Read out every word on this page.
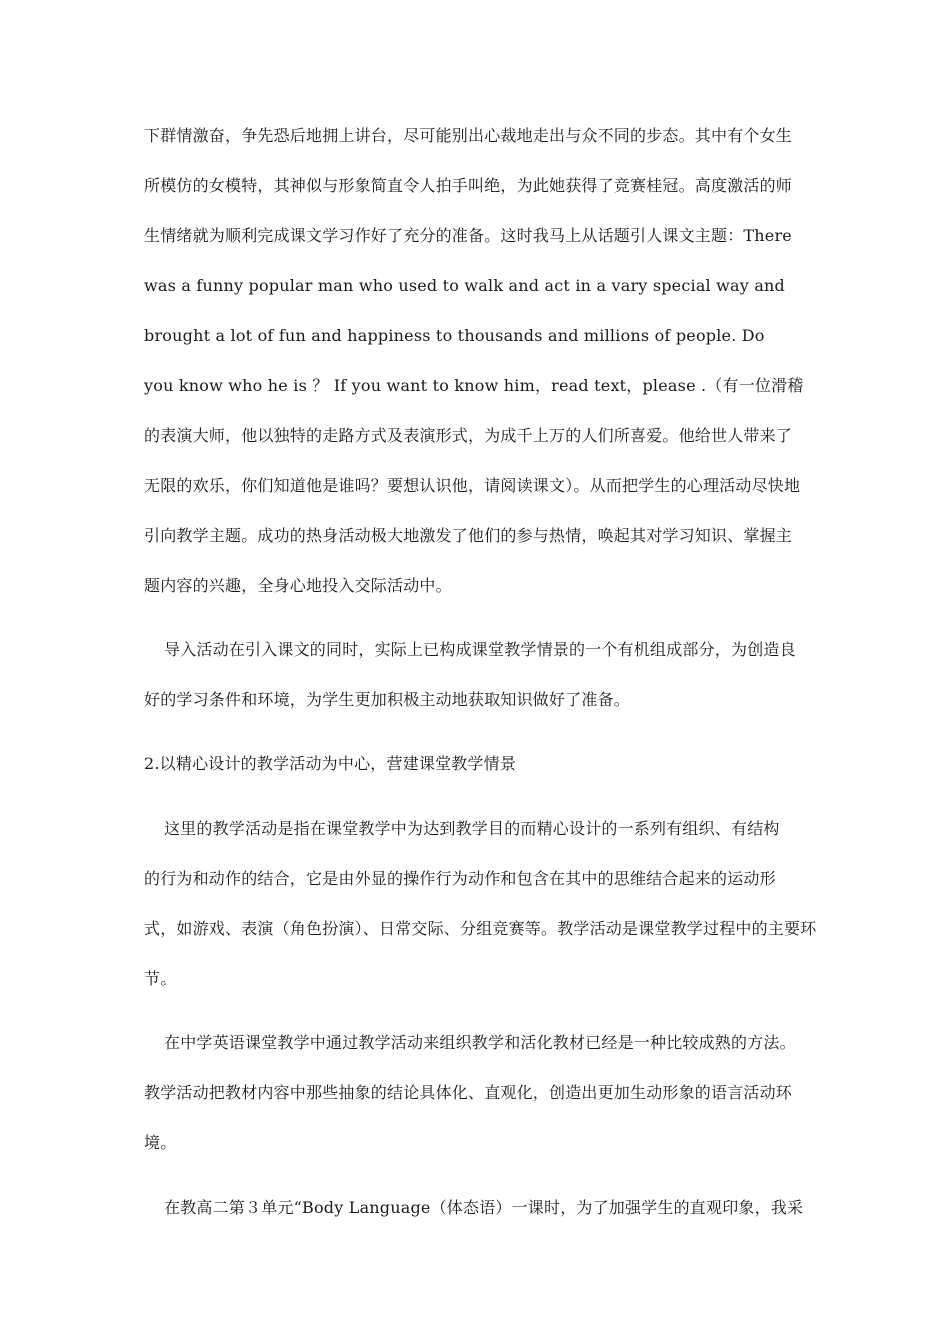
下群情激奋，争先恐后地拥上讲台，尽可能别出心裁地走出与众不同的步态。其中有个女生
所模仿的女模特，其神似与形象简直令人拍手叫绝，为此她获得了竞赛桂冠。高度激活的师
生情绪就为顺利完成课文学习作好了充分的准备。这时我马上从话题引人课文主题：There
was a funny popular man who used to walk and act in a vary special way and
brought a lot of fun and happiness to thousands and millions of people. Do
you know who he is ？ If you want to know him，read text，please .（有一位滑稽
的表演大师，他以独特的走路方式及表演形式，为成千上万的人们所喜爱。他给世人带来了
无限的欢乐，你们知道他是谁吗？要想认识他，请阅读课文）。从而把学生的心理活动尽快地
引向教学主题。成功的热身活动极大地激发了他们的参与热情，唤起其对学习知识、掌握主
题内容的兴趣，全身心地投入交际活动中。
导入活动在引入课文的同时，实际上已构成课堂教学情景的一个有机组成部分，为创造良
好的学习条件和环境，为学生更加积极主动地获取知识做好了准备。
2.以精心设计的教学活动为中心，营建课堂教学情景
这里的教学活动是指在课堂教学中为达到教学目的而精心设计的一系列有组织、有结构
的行为和动作的结合，它是由外显的操作行为动作和包含在其中的思维结合起来的运动形
式，如游戏、表演（角色扮演）、日常交际、分组竞赛等。教学活动是课堂教学过程中的主要环
节。
在中学英语课堂教学中通过教学活动来组织教学和活化教材已经是一种比较成熟的方法。
教学活动把教材内容中那些抽象的结论具体化、直观化，创造出更加生动形象的语言活动环
境。
在教高二第３单元“Body Language（体态语）一课时，为了加强学生的直观印象，我采
